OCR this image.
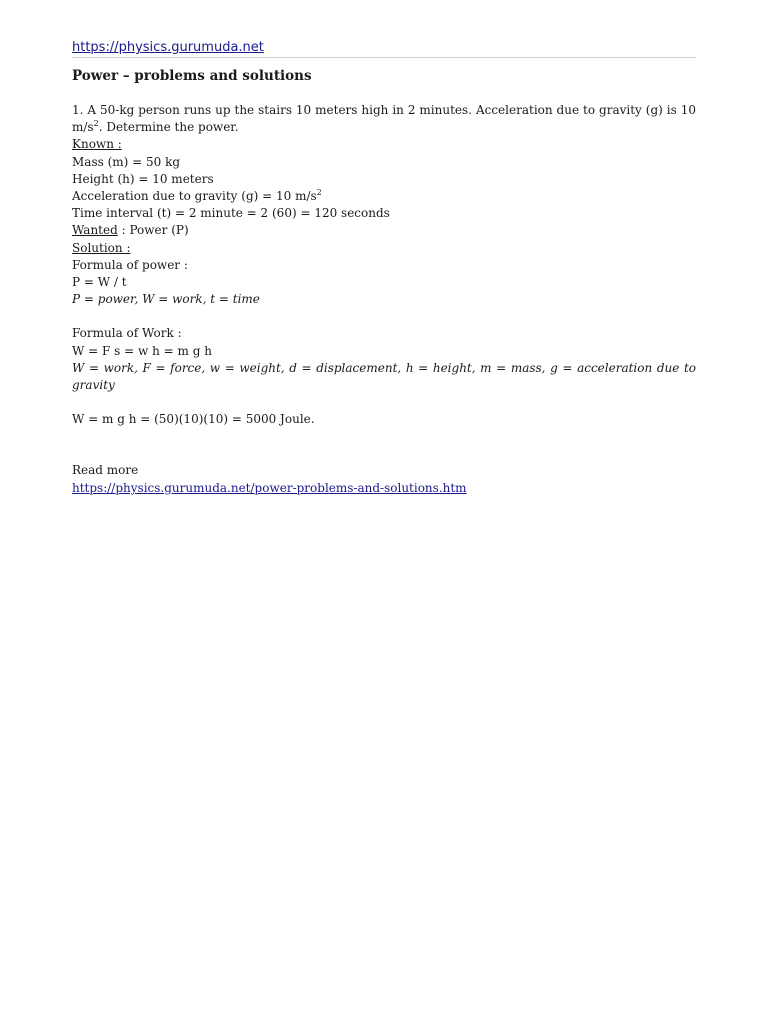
https://physics.gurumuda.net
Power – problems and solutions
1. A 50-kg person runs up the stairs 10 meters high in 2 minutes. Acceleration due to gravity (g) is 10 $m/s^2$. Determine the power.
Known :
Mass (m) = 50 kg
Height (h) = 10 meters
Acceleration due to gravity (g) = 10 $m/s^2$
Time interval (t) = 2 minute = 2 (60) = 120 seconds
Wanted : Power (P)
Solution :
Formula of power :
P = W / t
P = power, W = work, t = time
Formula of Work :
W = F s = w h = m g h
W = work, F = force, w = weight, d = displacement, h = height, m = mass, g = acceleration due to gravity
W = m g h = (50)(10)(10) = 5000 Joule.
Read more
https://physics.gurumuda.net/power-problems-and-solutions.htm
